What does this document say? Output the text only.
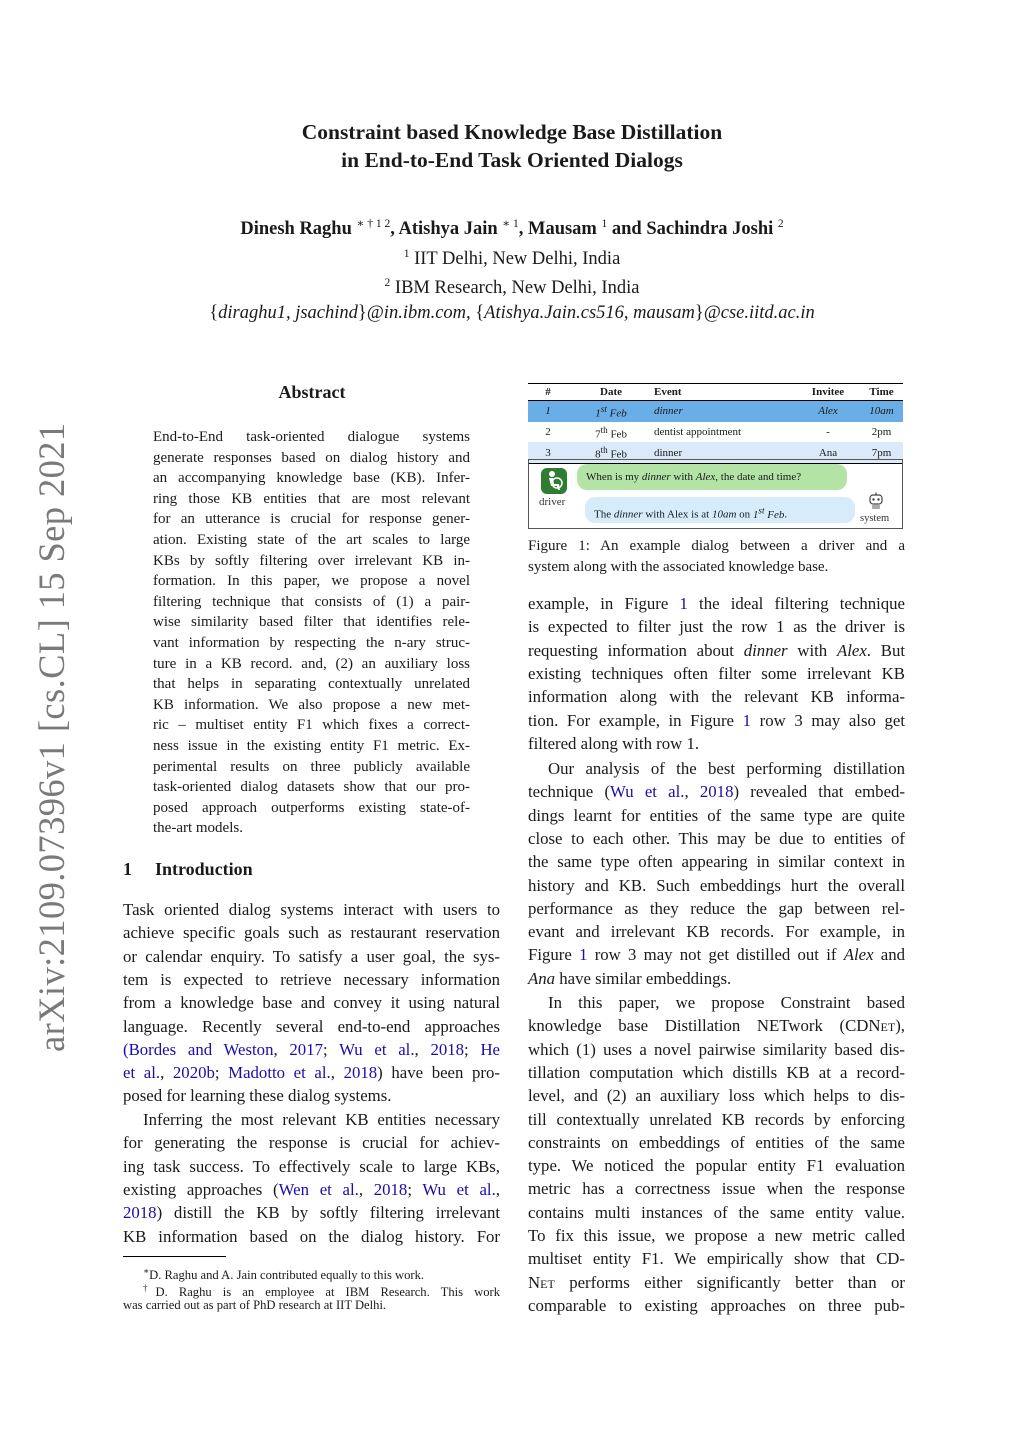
arXiv:2109.07396v1 [cs.CL] 15 Sep 2021
Constraint based Knowledge Base Distillation
in End-to-End Task Oriented Dialogs
Dinesh Raghu $^{∗ \dagger 1 2}$, Atishya Jain $^{∗ 1}$, Mausam $^1$ and Sachindra Joshi $^2$
$^1$ IIT Delhi, New Delhi, India
$^2$ IBM Research, New Delhi, India
{diraghu1, jsachind}@in.ibm.com, {Atishya.Jain.cs516, mausam}@cse.iitd.ac.in
Abstract
End-to-End task-oriented dialogue systems
generate responses based on dialog history and
an accompanying knowledge base (KB). Infer-
ring those KB entities that are most relevant
for an utterance is crucial for response gener-
ation. Existing state of the art scales to large
KBs by softly filtering over irrelevant KB in-
formation. In this paper, we propose a novel
filtering technique that consists of (1) a pair-
wise similarity based filter that identifies rele-
vant information by respecting the n-ary struc-
ture in a KB record. and, (2) an auxiliary loss
that helps in separating contextually unrelated
KB information. We also propose a new met-
ric – multiset entity F1 which fixes a correct-
ness issue in the existing entity F1 metric. Ex-
perimental results on three publicly available
task-oriented dialog datasets show that our pro-
posed approach outperforms existing state-of-
the-art models.
1 Introduction
Task oriented dialog systems interact with users to
achieve specific goals such as restaurant reservation
or calendar enquiry. To satisfy a user goal, the sys-
tem is expected to retrieve necessary information
from a knowledge base and convey it using natural
language. Recently several end-to-end approaches
(Bordes and Weston, 2017; Wu et al., 2018; He
et al., 2020b; Madotto et al., 2018) have been pro-
posed for learning these dialog systems.
Inferring the most relevant KB entities necessary
for generating the response is crucial for achiev-
ing task success. To effectively scale to large KBs,
existing approaches (Wen et al., 2018; Wu et al.,
2018) distill the KB by softly filtering irrelevant
KB information based on the dialog history. For
∗D. Raghu and A. Jain contributed equally to this work.
†D. Raghu is an employee at IBM Research. This work
was carried out as part of PhD research at IIT Delhi.
#	Date	Event	Invitee	Time
1	1st Feb	dinner	Alex	10am
2	7th Feb	dentist appointment	-	2pm
3	8th Feb	dinner	Ana	7pm
driver
When is my dinner with Alex, the date and time?
The dinner with Alex is at 10am on 1st Feb.	system
Figure 1: An example dialog between a driver and a
system along with the associated knowledge base.
example, in Figure 1 the ideal filtering technique
is expected to filter just the row 1 as the driver is
requesting information about dinner with Alex. But
existing techniques often filter some irrelevant KB
information along with the relevant KB informa-
tion. For example, in Figure 1 row 3 may also get
filtered along with row 1.
Our analysis of the best performing distillation
technique (Wu et al., 2018) revealed that embed-
dings learnt for entities of the same type are quite
close to each other. This may be due to entities of
the same type often appearing in similar context in
history and KB. Such embeddings hurt the overall
performance as they reduce the gap between rel-
evant and irrelevant KB records. For example, in
Figure 1 row 3 may not get distilled out if Alex and
Ana have similar embeddings.
In this paper, we propose Constraint based
knowledge base Distillation NETwork (CDNet),
which (1) uses a novel pairwise similarity based dis-
tillation computation which distills KB at a record-
level, and (2) an auxiliary loss which helps to dis-
till contextually unrelated KB records by enforcing
constraints on embeddings of entities of the same
type. We noticed the popular entity F1 evaluation
metric has a correctness issue when the response
contains multi instances of the same entity value.
To fix this issue, we propose a new metric called
multiset entity F1. We empirically show that CD-
Net performs either significantly better than or
comparable to existing approaches on three pub-
